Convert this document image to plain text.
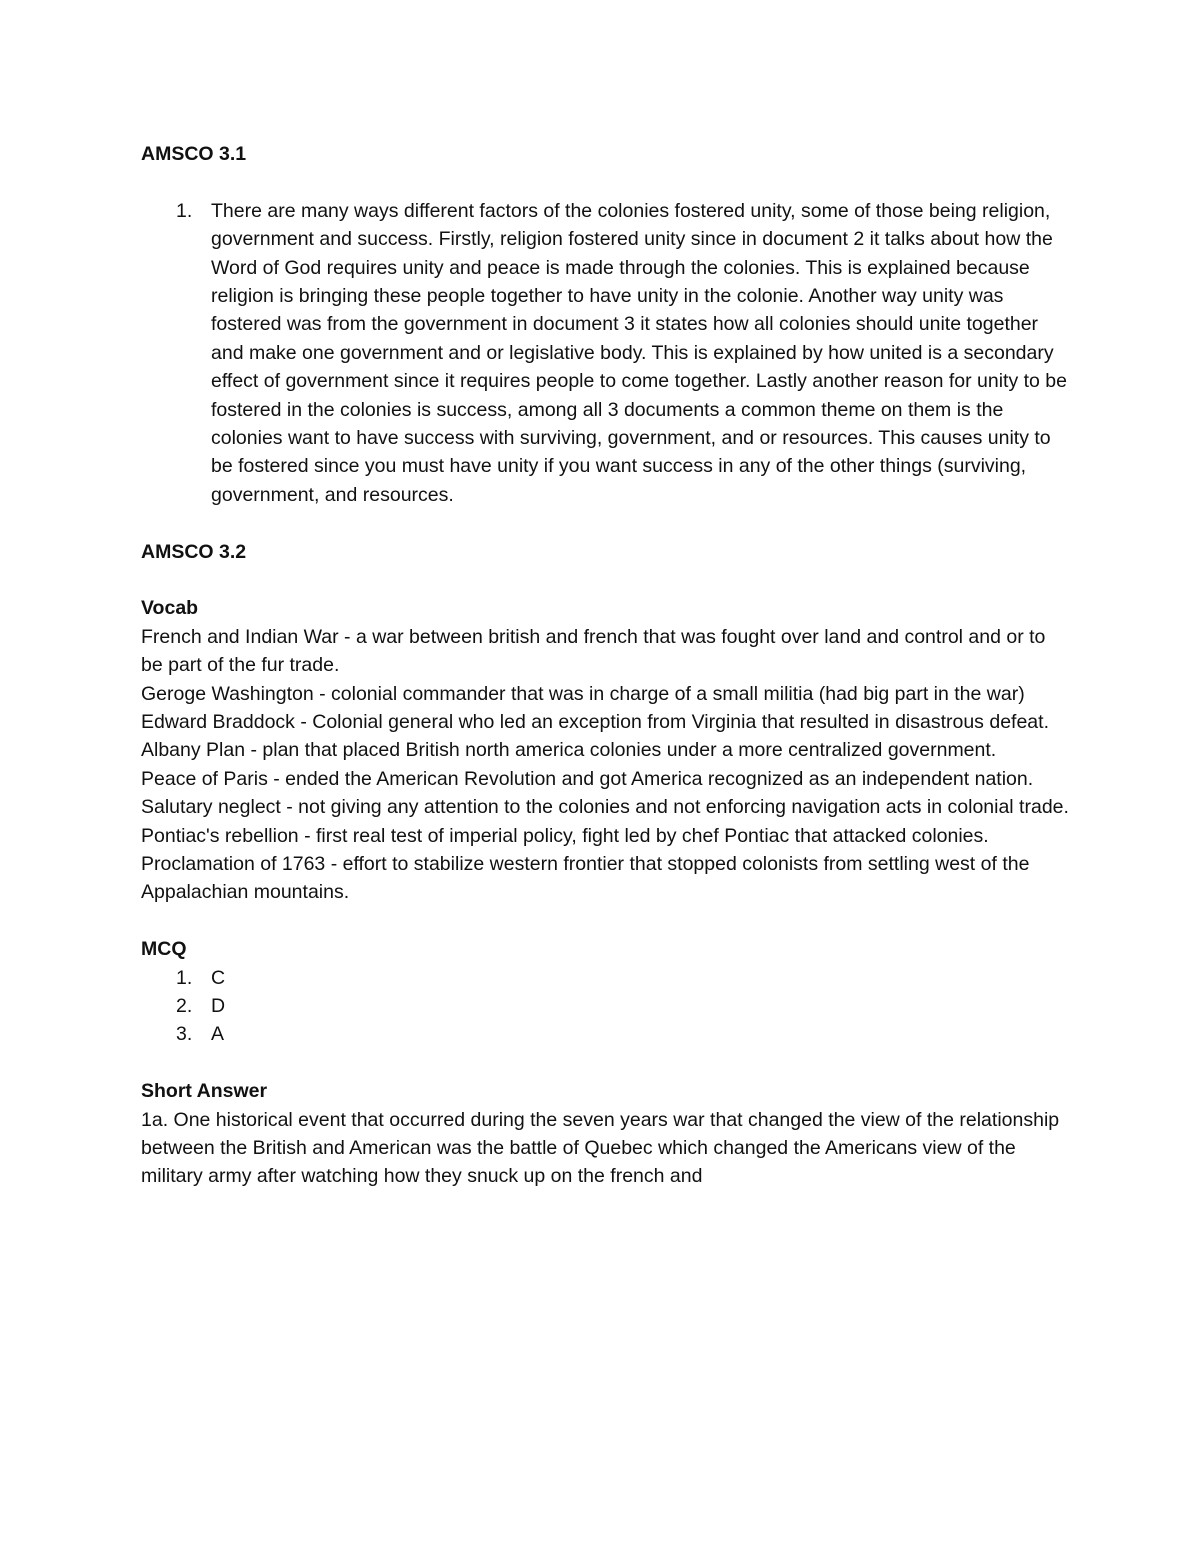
AMSCO 3.1
1. There are many ways different factors of the colonies fostered unity, some of those being religion, government and success. Firstly, religion fostered unity since in document 2 it talks about how the Word of God requires unity and peace is made through the colonies. This is explained because religion is bringing these people together to have unity in the colonie. Another way unity was fostered was from the government in document 3 it states how all colonies should unite together and make one government and or legislative body. This is explained by how united is a secondary effect of government since it requires people to come together. Lastly another reason for unity to be fostered in the colonies is success, among all 3 documents a common theme on them is the colonies want to have success with surviving, government, and or resources. This causes unity to be fostered since you must have unity if you want success in any of the other things (surviving, government, and resources.
AMSCO 3.2
Vocab

French and Indian War - a war between british and french that was fought over land and control and or to be part of the fur trade.

Geroge Washington - colonial commander that was in charge of a small militia (had big part in the war)

Edward Braddock - Colonial general who led an exception from Virginia that resulted in disastrous defeat.

Albany Plan - plan that placed British north america colonies under a more centralized government.

Peace of Paris - ended the American Revolution and got America recognized as an independent nation.

Salutary neglect - not giving any attention to the colonies and not enforcing navigation acts in colonial trade.

Pontiac's rebellion - first real test of imperial policy, fight led by chef Pontiac that attacked colonies.

Proclamation of 1763 - effort to stabilize western frontier that stopped colonists from settling west of the Appalachian mountains.

MCQ
1. C
2. D
3. A
Short Answer

1a. One historical event that occurred during the seven years war that changed the view of the relationship between the British and American was the battle of Quebec which changed the Americans view of the military army after watching how they snuck up on the french and
